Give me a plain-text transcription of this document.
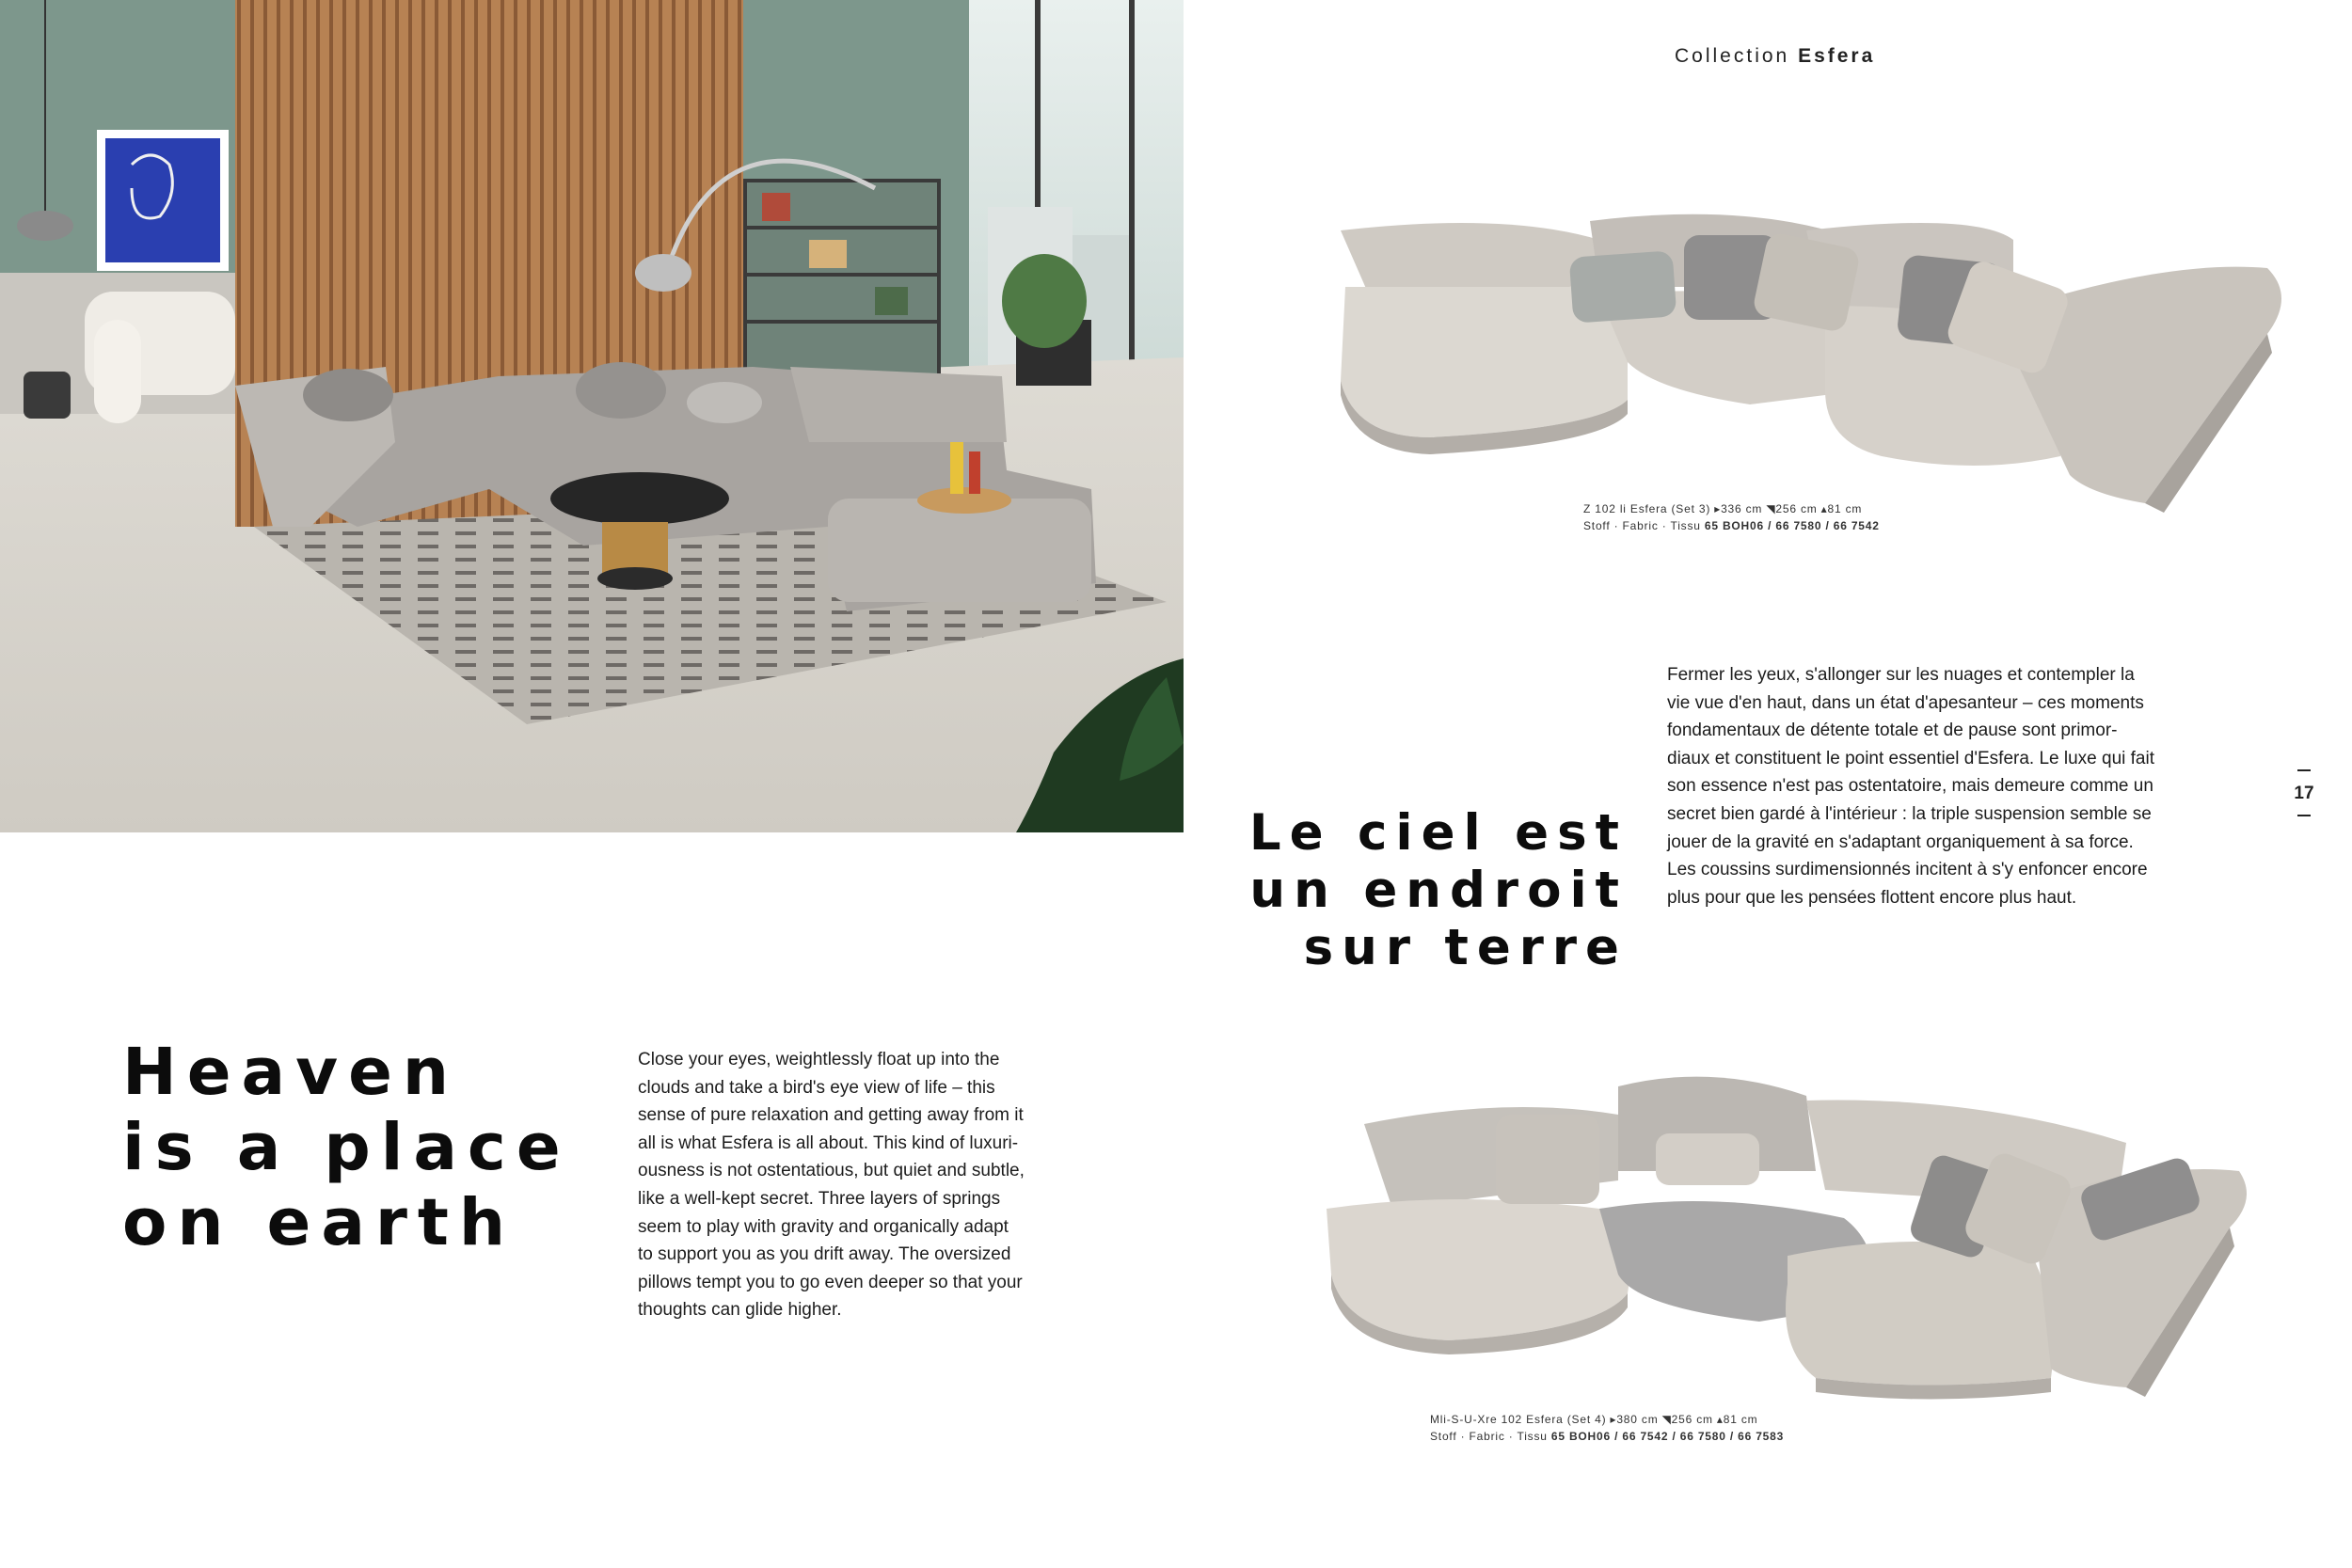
Collection Esfera
Z 102 li Esfera (Set 3) ▸336 cm ◥256 cm ▴81 cm
Stoff · Fabric · Tissu 65 BOH06 / 66 7580 / 66 7542
17
Le ciel est
un endroit
sur terre
Fermer les yeux, s'allonger sur les nuages et contempler la
vie vue d'en haut, dans un état d'apesanteur – ces moments
fondamentaux de détente totale et de pause sont primor-
diaux et constituent le point essentiel d'Esfera. Le luxe qui fait
son essence n'est pas ostentatoire, mais demeure comme un
secret bien gardé à l'intérieur : la triple suspension semble se
jouer de la gravité en s'adaptant organiquement à sa force.
Les coussins surdimensionnés incitent à s'y enfoncer encore
plus pour que les pensées flottent encore plus haut.
Heaven
is a place
on earth
Close your eyes, weightlessly float up into the
clouds and take a bird's eye view of life – this
sense of pure relaxation and getting away from it
all is what Esfera is all about. This kind of luxuri-
ousness is not ostentatious, but quiet and subtle,
like a well-kept secret. Three layers of springs
seem to play with gravity and organically adapt
to support you as you drift away. The oversized
pillows tempt you to go even deeper so that your
thoughts can glide higher.
Mli-S-U-Xre 102 Esfera (Set 4) ▸380 cm ◥256 cm ▴81 cm
Stoff · Fabric · Tissu 65 BOH06 / 66 7542 / 66 7580 / 66 7583
